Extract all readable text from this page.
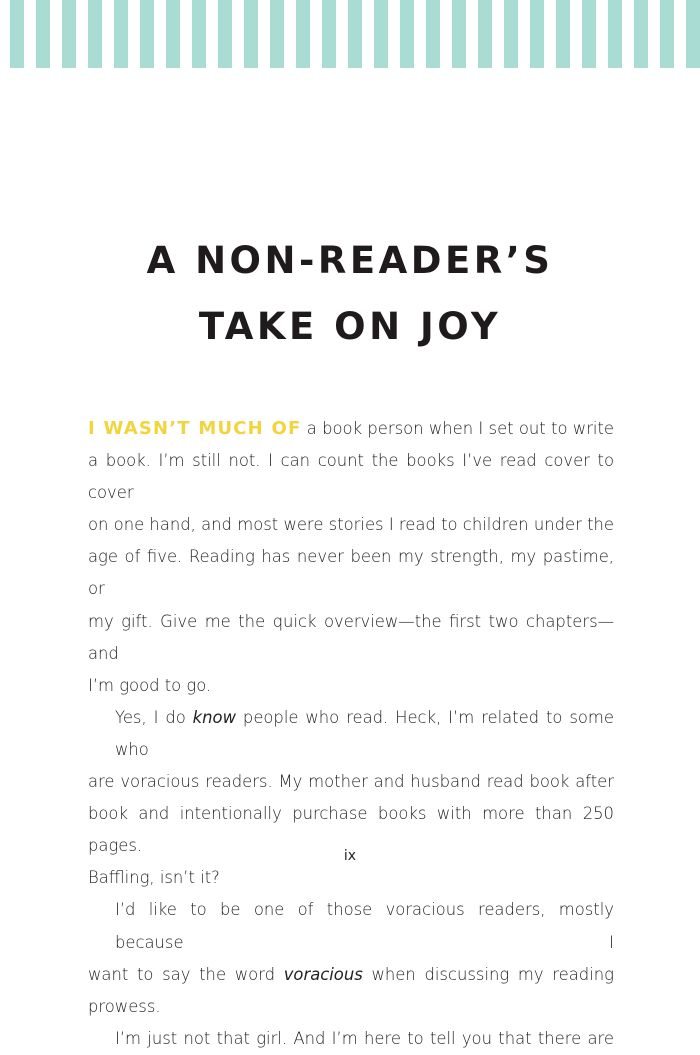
A NON-READER’S
TAKE ON JOY

I WASN’T MUCH OF a book person when I set out to write
a book. I’m still not. I can count the books I’ve read cover to cover
on one hand, and most were stories I read to children under the
age of five. Reading has never been my strength, my pastime, or
my gift. Give me the quick overview—the first two chapters—and
I’m good to go.

Yes, I do know people who read. Heck, I’m related to some who
are voracious readers. My mother and husband read book after
book and intentionally purchase books with more than 250 pages.
Baffling, isn’t it?

I’d like to be one of those voracious readers, mostly because I
want to say the word voracious when discussing my reading prowess.

I’m just not that girl. And I’m here to tell you that there are

ix
